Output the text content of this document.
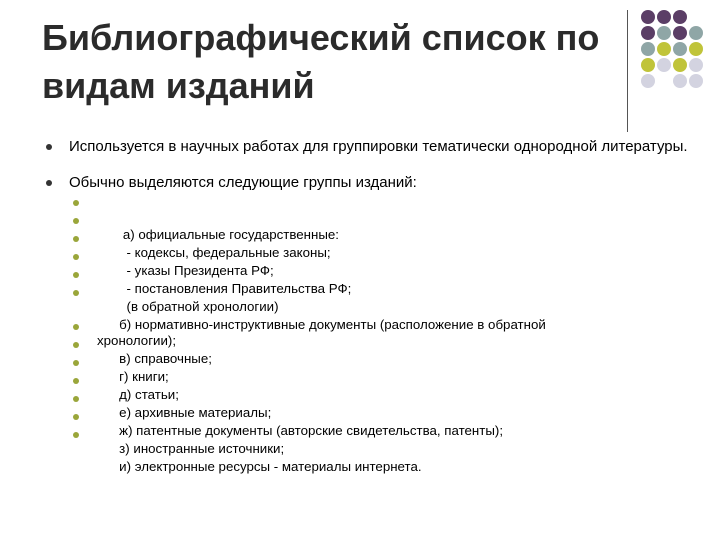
Библиографический список по видам изданий
Используется в научных работах для группировки тематически однородной литературы.
Обычно выделяются следующие группы изданий:

а) официальные государственные:

- кодексы, федеральные законы;

- указы Президента РФ;

- постановления Правительства РФ;

(в обратной хронологии)

б) нормативно-инструктивные документы (расположение в обратной хронологии);

в) справочные;

г) книги;

д) статьи;

е) архивные материалы;

ж) патентные документы (авторские свидетельства, патенты);

з) иностранные источники;

и) электронные ресурсы - материалы интернета.
